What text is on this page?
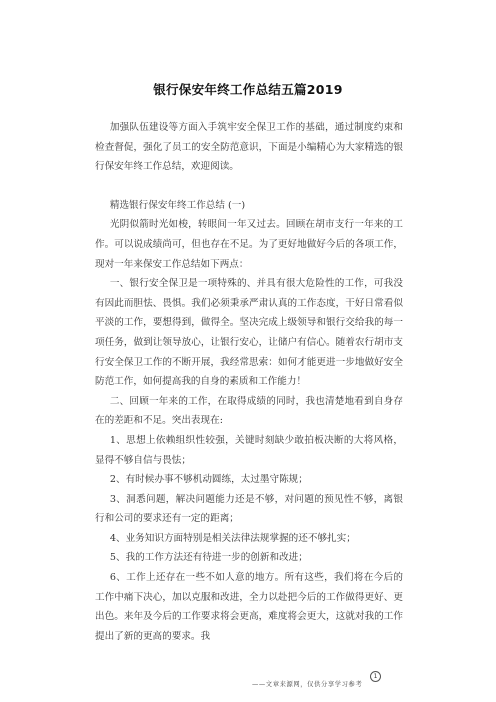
银行保安年终工作总结五篇2019

加强队伍建设等方面入手筑牢安全保卫工作的基础，通过制度约束和检查督促，强化了员工的安全防范意识，下面是小编精心为大家精选的银行保安年终工作总结，欢迎阅读。

精选银行保安年终工作总结 (一)

光阴似箭时光如梭，转眼间一年又过去。回顾在胡市支行一年来的工作。可以说成绩尚可，但也存在不足。为了更好地做好今后的各项工作，现对一年来保安工作总结如下两点：

一、银行安全保卫是一项特殊的、并具有很大危险性的工作，可我没有因此而胆怯、畏惧。我们必须秉承严肃认真的工作态度，干好日常看似平淡的工作，要想得到，做得全。坚决完成上级领导和银行交给我的每一项任务，做到让领导放心，让银行安心，让储户有信心。随着农行胡市支行安全保卫工作的不断开展，我经常思索：如何才能更进一步地做好安全防范工作，如何提高我的自身的素质和工作能力！

二、回顾一年来的工作，在取得成绩的同时，我也清楚地看到自身存在的差距和不足。突出表现在:

1、思想上依赖组织性较强，关键时刻缺少敢拍板决断的大将风格，显得不够自信与畏怯；

2、有时候办事不够机动圆练，太过墨守陈规；

3、洞悉问题，解决问题能力还是不够，对问题的预见性不够，离银行和公司的要求还有一定的距离；

4、业务知识方面特别是相关法律法规掌握的还不够扎实；

5、我的工作方法还有待进一步的创新和改进；

6、工作上还存在一些不如人意的地方。所有这些，我们将在今后的工作中痛下决心，加以克服和改进，全力以赴把今后的工作做得更好、更出色。来年及今后的工作要求将会更高，难度将会更大，这就对我的工作提出了新的更高的要求。我

1
——文章来源网，仅供分享学习参考
